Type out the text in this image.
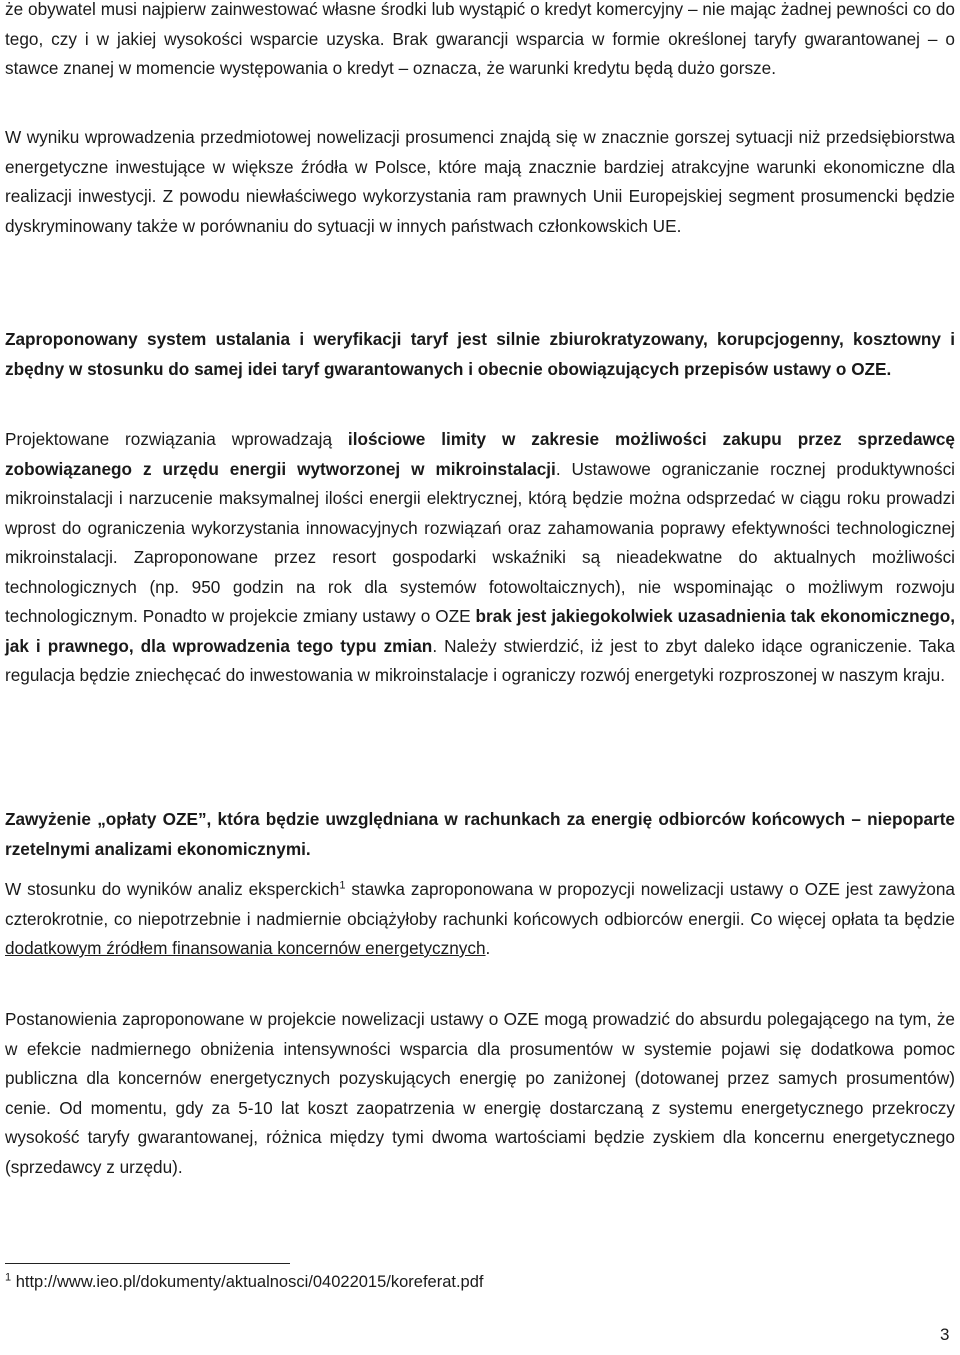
że obywatel musi najpierw zainwestować własne środki lub wystąpić o kredyt komercyjny – nie mając żadnej pewności co do tego, czy i w jakiej wysokości wsparcie uzyska. Brak gwarancji wsparcia w formie określonej taryfy gwarantowanej – o stawce znanej w momencie występowania o kredyt – oznacza, że warunki kredytu będą dużo gorsze.

W wyniku wprowadzenia przedmiotowej nowelizacji prosumenci znajdą się w znacznie gorszej sytuacji niż przedsiębiorstwa energetyczne inwestujące w większe źródła w Polsce, które mają znacznie bardziej atrakcyjne warunki ekonomiczne dla realizacji inwestycji. Z powodu niewłaściwego wykorzystania ram prawnych Unii Europejskiej segment prosumencki będzie dyskryminowany także w porównaniu do sytuacji w innych państwach członkowskich UE.

Zaproponowany system ustalania i weryfikacji taryf jest silnie zbiurokratyzowany, korupcjogenny, kosztowny i zbędny w stosunku do samej idei taryf gwarantowanych i obecnie obowiązujących przepisów ustawy o OZE.

Projektowane rozwiązania wprowadzają ilościowe limity w zakresie możliwości zakupu przez sprzedawcę zobowiązanego z urzędu energii wytworzonej w mikroinstalacji. Ustawowe ograniczanie rocznej produktywności mikroinstalacji i narzucenie maksymalnej ilości energii elektrycznej, którą będzie można odsprzedać w ciągu roku prowadzi wprost do ograniczenia wykorzystania innowacyjnych rozwiązań oraz zahamowania poprawy efektywności technologicznej mikroinstalacji. Zaproponowane przez resort gospodarki wskaźniki są nieadekwatne do aktualnych możliwości technologicznych (np. 950 godzin na rok dla systemów fotowoltaicznych), nie wspominając o możliwym rozwoju technologicznym. Ponadto w projekcie zmiany ustawy o OZE brak jest jakiegokolwiek uzasadnienia tak ekonomicznego, jak i prawnego, dla wprowadzenia tego typu zmian. Należy stwierdzić, iż jest to zbyt daleko idące ograniczenie. Taka regulacja będzie zniechęcać do inwestowania w mikroinstalacje i ograniczy rozwój energetyki rozproszonej w naszym kraju.

Zawyżenie „opłaty OZE”, która będzie uwzględniana w rachunkach za energię odbiorców końcowych – niepoparte rzetelnymi analizami ekonomicznymi.

W stosunku do wyników analiz eksperckich$^1$ stawka zaproponowana w propozycji nowelizacji ustawy o OZE jest zawyżona czterokrotnie, co niepotrzebnie i nadmiernie obciążyłoby rachunki końcowych odbiorców energii. Co więcej opłata ta będzie dodatkowym źródłem finansowania koncernów energetycznych.

Postanowienia zaproponowane w projekcie nowelizacji ustawy o OZE mogą prowadzić do absurdu polegającego na tym, że w efekcie nadmiernego obniżenia intensywności wsparcia dla prosumentów w systemie pojawi się dodatkowa pomoc publiczna dla koncernów energetycznych pozyskujących energię po zaniżonej (dotowanej przez samych prosumentów) cenie. Od momentu, gdy za 5-10 lat koszt zaopatrzenia w energię dostarczaną z systemu energetycznego przekroczy wysokość taryfy gwarantowanej, różnica między tymi dwoma wartościami będzie zyskiem dla koncernu energetycznego (sprzedawcy z urzędu).

$^1$ http://www.ieo.pl/dokumenty/aktualnosci/04022015/koreferat.pdf
3
